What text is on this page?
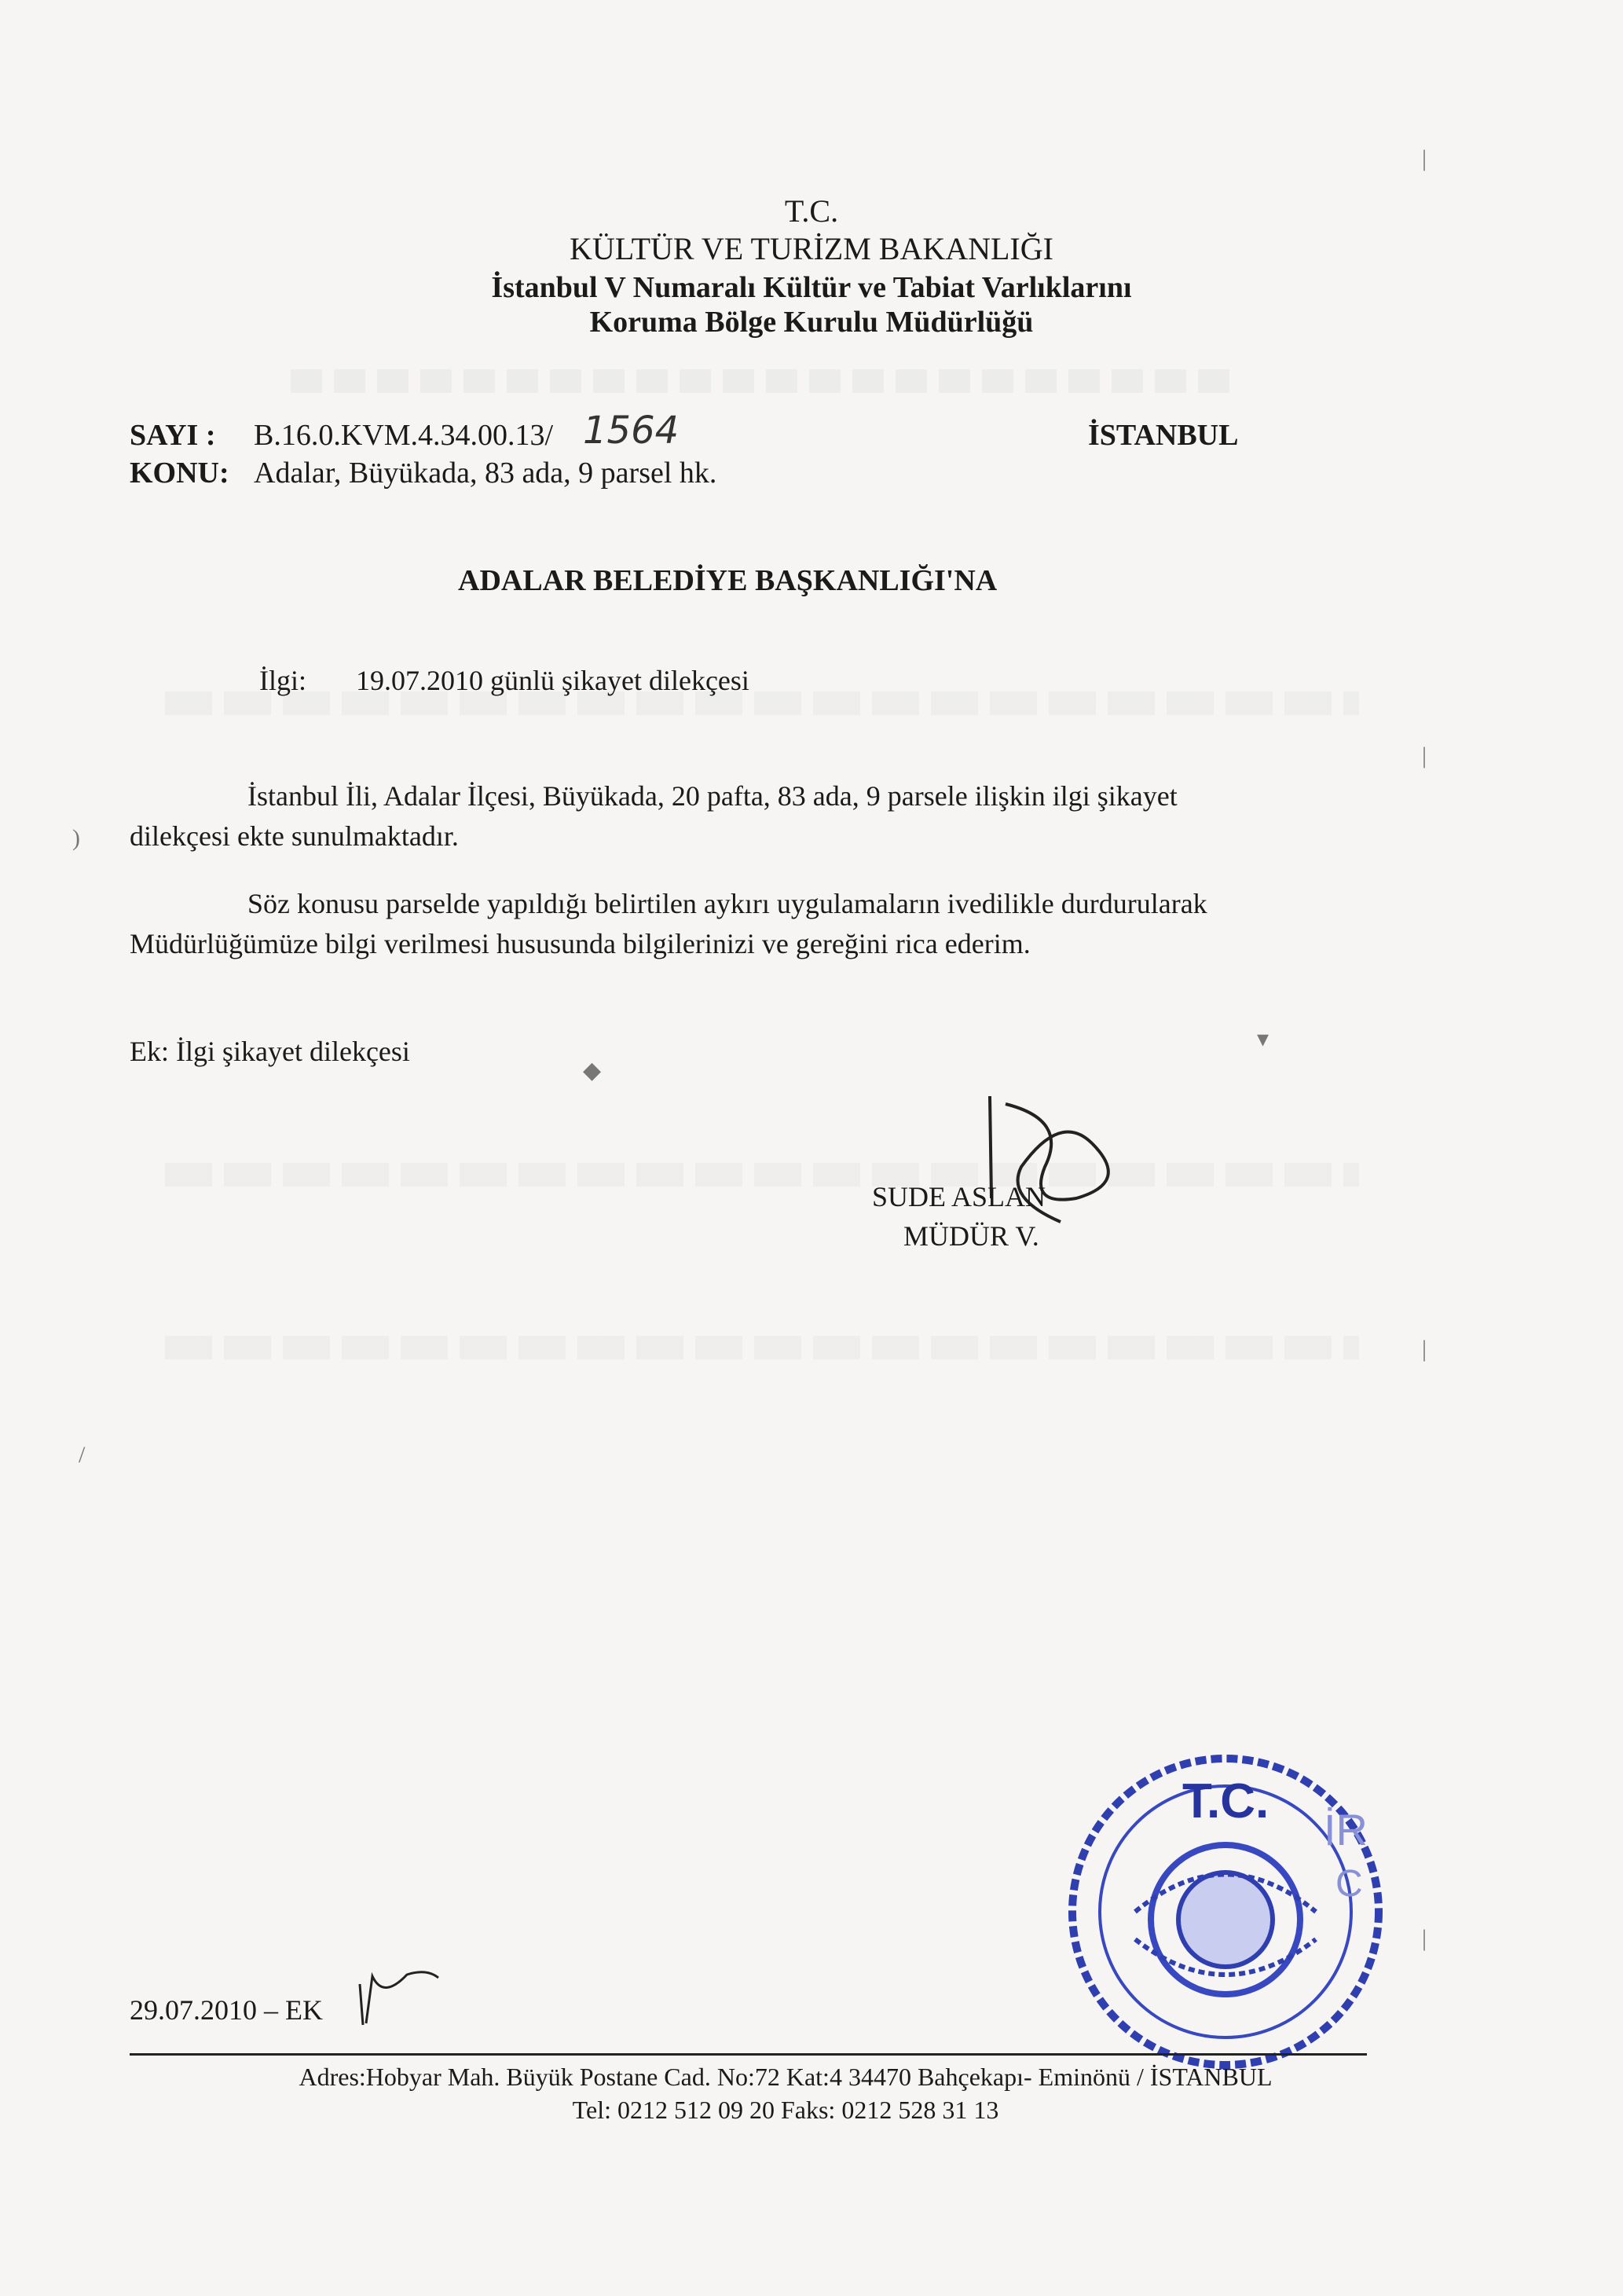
T.C.
KÜLTÜR VE TURİZM BAKANLIĞI
İstanbul V Numaralı Kültür ve Tabiat Varlıklarını
Koruma Bölge Kurulu Müdürlüğü
SAYI : B.16.0.KVM.4.34.00.13/ 1564	İSTANBUL
KONU: Adalar, Büyükada, 83 ada, 9 parsel hk.
ADALAR BELEDİYE BAŞKANLIĞI'NA
İlgi: 19.07.2010 günlü şikayet dilekçesi
İstanbul İli, Adalar İlçesi, Büyükada, 20 pafta, 83 ada, 9 parsele ilişkin ilgi şikayet
dilekçesi ekte sunulmaktadır.
Söz konusu parselde yapıldığı belirtilen aykırı uygulamaların ivedilikle durdurularak
Müdürlüğümüze bilgi verilmesi hususunda bilgilerinizi ve gereğini rica ederim.
Ek: İlgi şikayet dilekçesi	▾
◆
SUDE ASLAN
MÜDÜR V.
29.07.2010 – EK
T.C.
İR
C
Adres:Hobyar Mah. Büyük Postane Cad. No:72 Kat:4 34470 Bahçekapı- Eminönü / İSTANBUL
Tel: 0212 512 09 20 Faks: 0212 528 31 13
|
|
|
|
)
/
